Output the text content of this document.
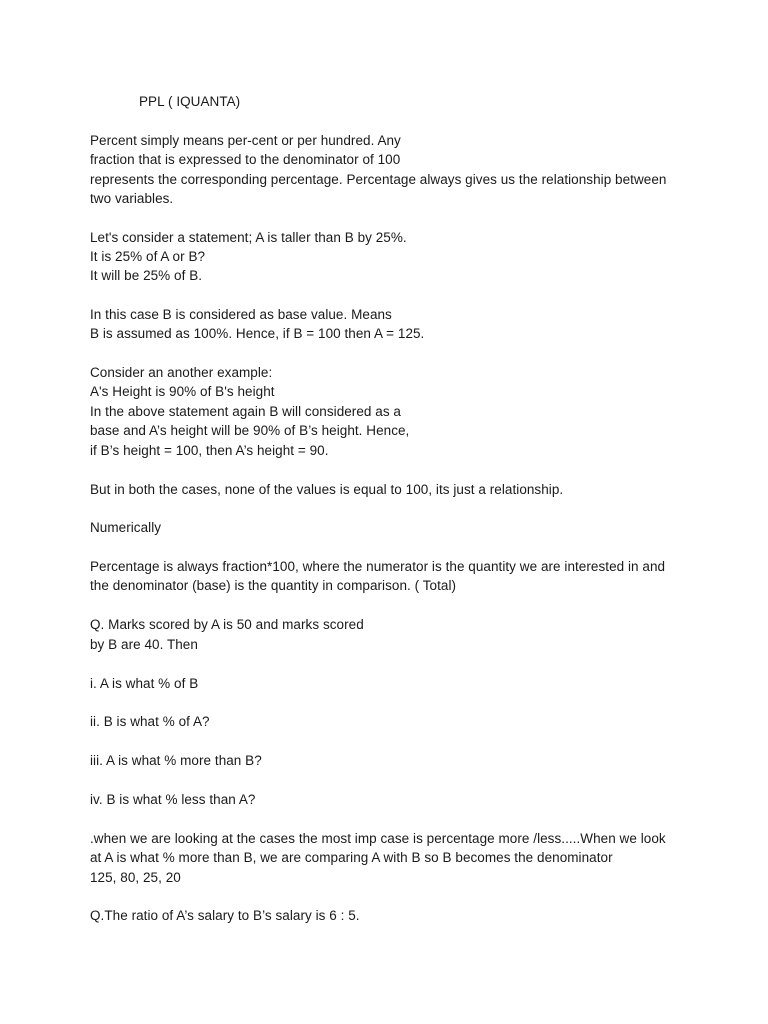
PPL ( IQUANTA)
Percent simply means per-cent or per hundred. Any
fraction that is expressed to the denominator of 100
represents the corresponding percentage. Percentage always gives us the relationship between
two variables.
Let's consider a statement; A is taller than B by 25%.
It is 25% of A or B?
It will be 25% of B.
In this case B is considered as base value. Means
B is assumed as 100%. Hence, if B = 100 then A = 125.
Consider an another example:
A's Height is 90% of B's height
In the above statement again B will considered as a
base and A’s height will be 90% of B’s height. Hence,
if B’s height = 100, then A’s height = 90.
But in both the cases, none of the values is equal to 100, its just a relationship.
Numerically
Percentage is always fraction*100, where the numerator is the quantity we are interested in and
the denominator (base) is the quantity in comparison. ( Total)
Q. Marks scored by A is 50 and marks scored
by B are 40. Then
i. A is what % of B
ii. B is what % of A?
iii. A is what % more than B?
iv. B is what % less than A?
.when we are looking at the cases the most imp case is percentage more /less.....When we look
at A is what % more than B, we are comparing A with B so B becomes the denominator
125, 80, 25, 20
Q.The ratio of A’s salary to B’s salary is 6 : 5.
